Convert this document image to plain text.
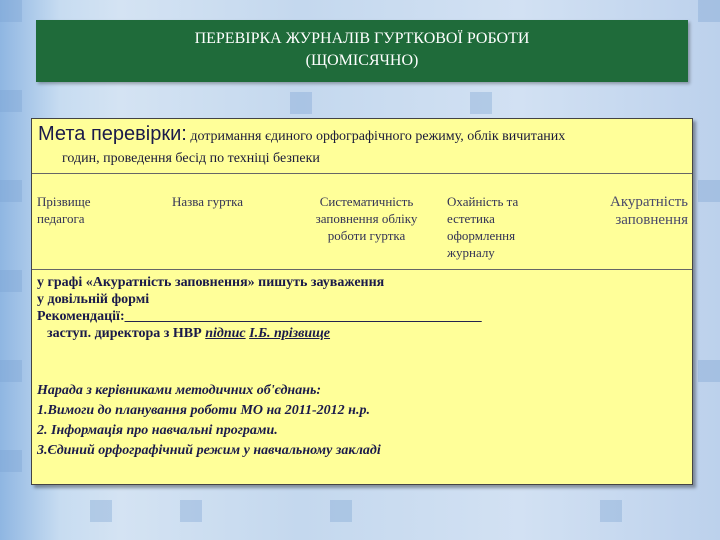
ПЕРЕВІРКА ЖУРНАЛІВ ГУРТКОВОЇ РОБОТИ
(ЩОМІСЯЧНО)
Мета перевірки: дотримання єдиного орфографічного режиму, облік вичитаних
годин, проведення бесід по техніці безпеки
Прізвище педагога
Назва гуртка	Систематичність заповнення обліку роботи гуртка
Охайність та естетика оформлення журналу
Акуратність заповнення
у графі «Акуратність заповнення» пишуть зауваження
у довільній формі
Рекомендації:___________________________________________________
заступ. директора з НВР підпис І.Б. прізвище
Нарада з керівниками методичних об'єднань:
1.Вимоги до планування роботи МО на 2011-2012 н.р.
2. Інформація про навчальні програми.
3.Єдиний орфографічний режим у навчальному закладі
